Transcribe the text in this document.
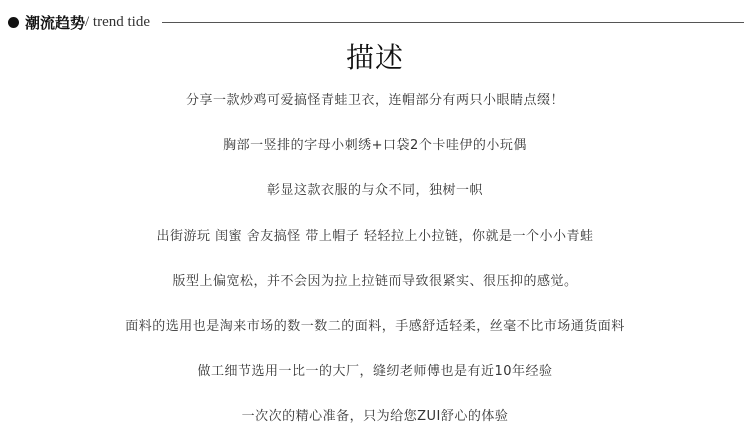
潮流趋势 / trend tide
描述
分享一款炒鸡可爱搞怪青蛙卫衣，连帽部分有两只小眼睛点缀！
胸部一竖排的字母小刺绣+口袋2个卡哇伊的小玩偶
彰显这款衣服的与众不同，独树一帜
出街游玩 闺蜜 舍友搞怪 带上帽子 轻轻拉上小拉链，你就是一个小小青蛙
版型上偏宽松，并不会因为拉上拉链而导致很紧实、很压抑的感觉。
面料的选用也是淘来市场的数一数二的面料，手感舒适轻柔，丝毫不比市场通货面料
做工细节选用一比一的大厂，缝纫老师傅也是有近10年经验
一次次的精心准备，只为给您ZUI舒心的体验
